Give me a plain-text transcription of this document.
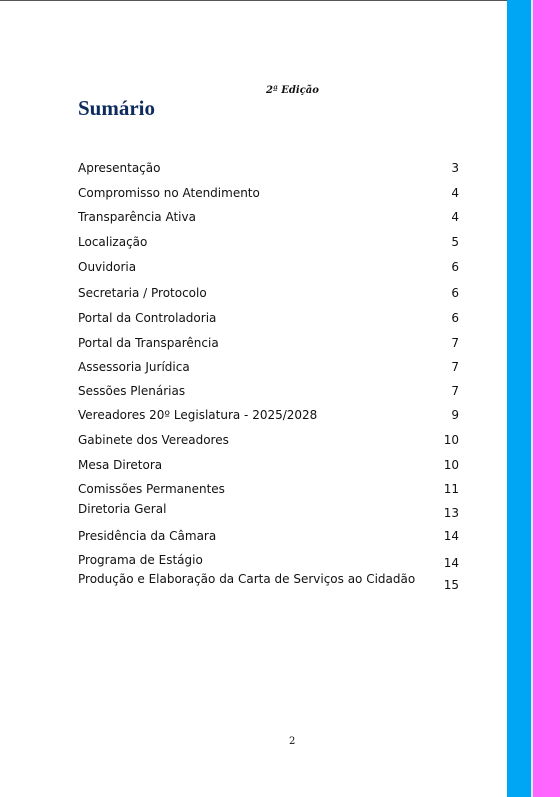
2ª Edição
Sumário
Apresentação	3
Compromisso no Atendimento	4
Transparência Ativa	4
Localização	5
Ouvidoria	6
Secretaria / Protocolo	6
Portal da Controladoria	6
Portal da Transparência	7
Assessoria Jurídica	7
Sessões Plenárias	7
Vereadores 20º Legislatura - 2025/2028	9
Gabinete dos Vereadores	10
Mesa Diretora	10
Comissões Permanentes	11
Diretoria Geral	13
Presidência da Câmara	14
Programa de Estágio	14
Produção e Elaboração da Carta de Serviços ao Cidadão 15
2
